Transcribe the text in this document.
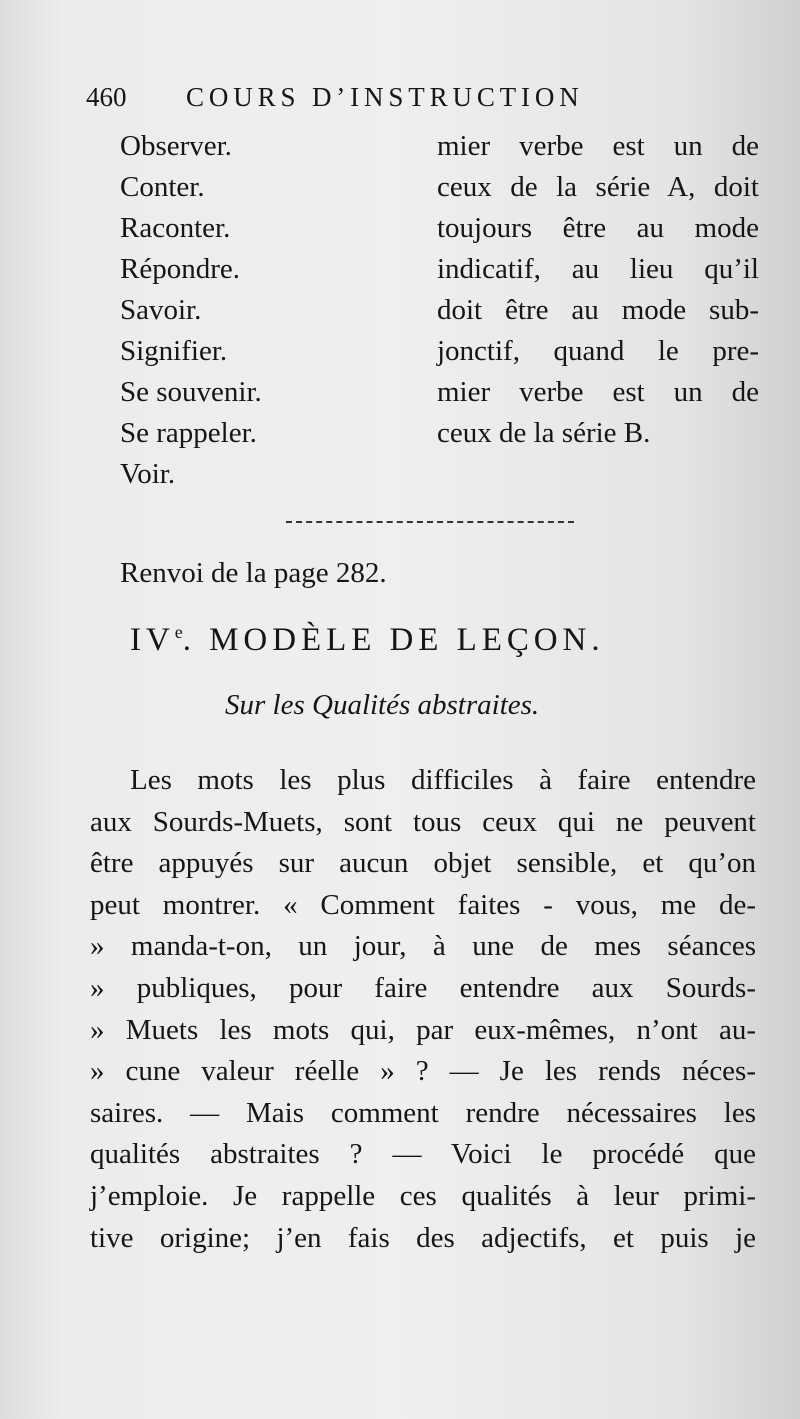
460 COURS D’INSTRUCTION
Observer.
Conter.
Raconter.
Répondre.
Savoir.
Signifier.
Se souvenir.
Se rappeler.
Voir.
mier verbe est un de
ceux de la série A, doit
toujours être au mode
indicatif, au lieu qu’il
doit être au mode sub-
jonctif, quand le pre-
mier verbe est un de
ceux de la série B.
Renvoi de la page 282.
IVe. MODÈLE DE LEÇON.
Sur les Qualités abstraites.
Les mots les plus difficiles à faire entendre
aux Sourds-Muets, sont tous ceux qui ne peuvent
être appuyés sur aucun objet sensible, et qu’on
peut montrer. « Comment faites - vous, me de-
» manda-t-on, un jour, à une de mes séances
» publiques, pour faire entendre aux Sourds-
» Muets les mots qui, par eux-mêmes, n’ont au-
» cune valeur réelle » ? — Je les rends néces-
saires. — Mais comment rendre nécessaires les
qualités abstraites ? — Voici le procédé que
j’emploie. Je rappelle ces qualités à leur primi-
tive origine; j’en fais des adjectifs, et puis je
